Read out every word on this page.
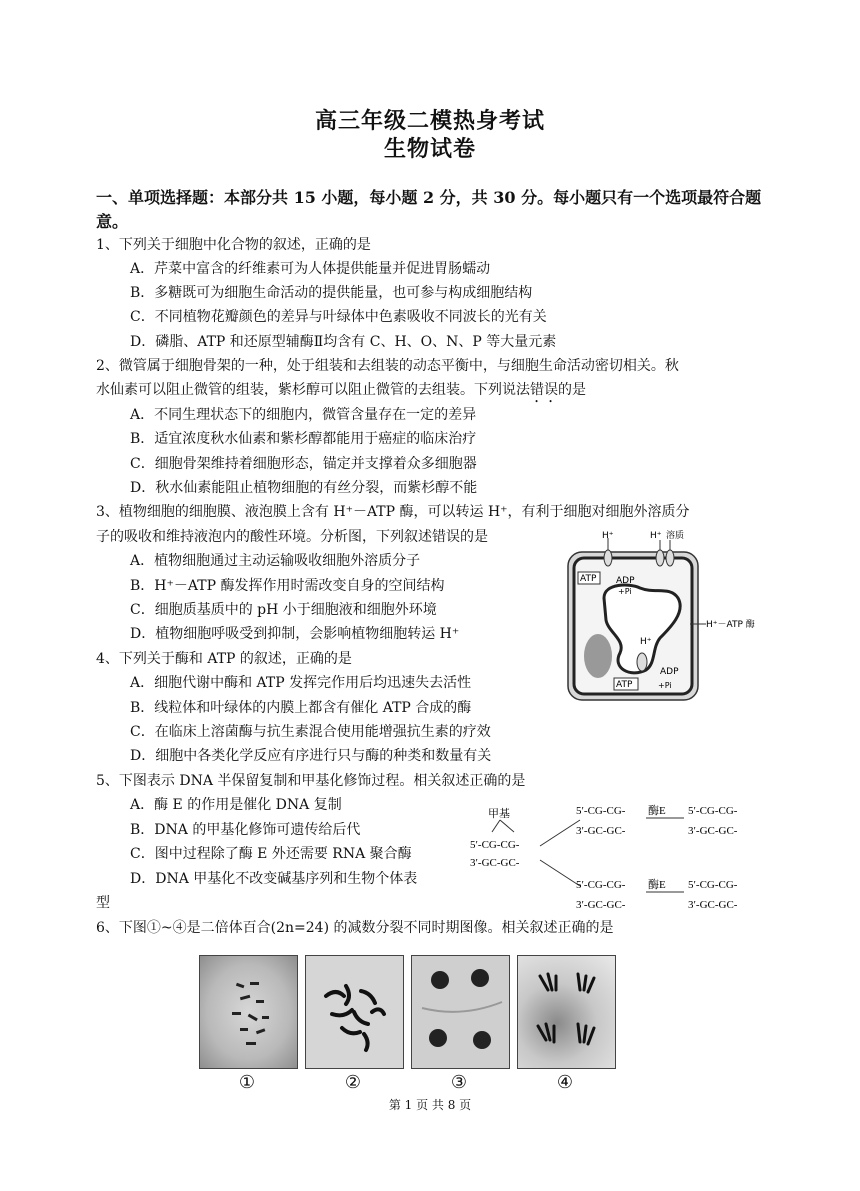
高三年级二模热身考试
生物试卷
一、单项选择题：本部分共 15 小题，每小题 2 分，共 30 分。每小题只有一个选项最符合题意。
1、下列关于细胞中化合物的叙述，正确的是
A．芹菜中富含的纤维素可为人体提供能量并促进胃肠蠕动
B．多糖既可为细胞生命活动的提供能量，也可参与构成细胞结构
C．不同植物花瓣颜色的差异与叶绿体中色素吸收不同波长的光有关
D．磷脂、ATP 和还原型辅酶Ⅱ均含有 C、H、O、N、P 等大量元素
2、微管属于细胞骨架的一种，处于组装和去组装的动态平衡中，与细胞生命活动密切相关。秋
水仙素可以阻止微管的组装，紫杉醇可以阻止微管的去组装。下列说法错误的是
A．不同生理状态下的细胞内，微管含量存在一定的差异
B．适宜浓度秋水仙素和紫杉醇都能用于癌症的临床治疗
C．细胞骨架维持着细胞形态，锚定并支撑着众多细胞器
D．秋水仙素能阻止植物细胞的有丝分裂，而紫杉醇不能
3、植物细胞的细胞膜、液泡膜上含有 H⁺－ATP 酶，可以转运 H⁺，有利于细胞对细胞外溶质分
子的吸收和维持液泡内的酸性环境。分析图，下列叙述错误的是
A．植物细胞通过主动运输吸收细胞外溶质分子
B．H⁺－ATP 酶发挥作用时需改变自身的空间结构
C．细胞质基质中的 pH 小于细胞液和细胞外环境
D．植物细胞呼吸受到抑制，会影响植物细胞转运 H⁺
H⁺	H⁺ 溶质
ATP ADP
+Pi
H⁺
ADP
+Pi
ATP
H⁺－ATP 酶
4、下列关于酶和 ATP 的叙述，正确的是
A．细胞代谢中酶和 ATP 发挥完作用后均迅速失去活性
B．线粒体和叶绿体的内膜上都含有催化 ATP 合成的酶
C．在临床上溶菌酶与抗生素混合使用能增强抗生素的疗效
D．细胞中各类化学反应有序进行只与酶的种类和数量有关
5、下图表示 DNA 半保留复制和甲基化修饰过程。相关叙述正确的是
A．酶 E 的作用是催化 DNA 复制
B．DNA 的甲基化修饰可遗传给后代
C．图中过程除了酶 E 外还需要 RNA 聚合酶
D．DNA 甲基化不改变碱基序列和生物个体表
型
甲基
5′-CG-CG-
3′-GC-GC-
5′-CG-CG-
3′-GC-GC-
酶E 5′-CG-CG-
3′-GC-GC-
5′-CG-CG-
3′-GC-GC-
酶E 5′-CG-CG-
3′-GC-GC-
6、下图①~④是二倍体百合(2n=24) 的减数分裂不同时期图像。相关叙述正确的是
①	②	③	④
第 1 页 共 8 页
